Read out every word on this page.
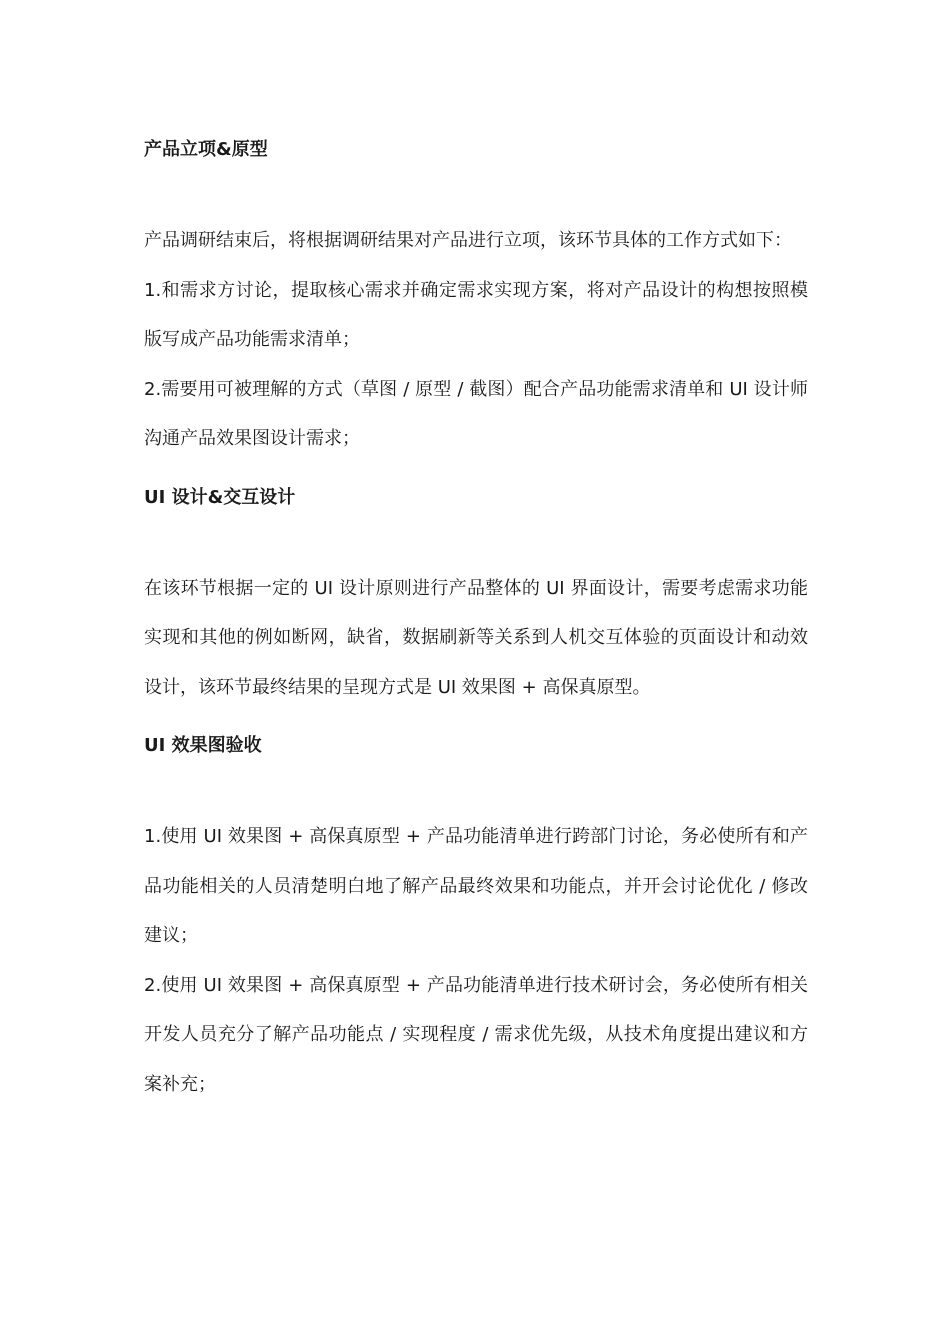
产品立项&原型

产品调研结束后，将根据调研结果对产品进行立项，该环节具体的工作方式如下：

1.和需求方讨论，提取核心需求并确定需求实现方案，将对产品设计的构想按照模版写成产品功能需求清单；

2.需要用可被理解的方式（草图 / 原型 / 截图）配合产品功能需求清单和 UI 设计师沟通产品效果图设计需求；

UI 设计&交互设计

在该环节根据一定的 UI 设计原则进行产品整体的 UI 界面设计，需要考虑需求功能实现和其他的例如断网，缺省，数据刷新等关系到人机交互体验的页面设计和动效设计，该环节最终结果的呈现方式是 UI 效果图 + 高保真原型。

UI 效果图验收

1.使用 UI 效果图 + 高保真原型 + 产品功能清单进行跨部门讨论，务必使所有和产品功能相关的人员清楚明白地了解产品最终效果和功能点，并开会讨论优化 / 修改建议；

2.使用 UI 效果图 + 高保真原型 + 产品功能清单进行技术研讨会，务必使所有相关开发人员充分了解产品功能点 / 实现程度 / 需求优先级，从技术角度提出建议和方案补充；
